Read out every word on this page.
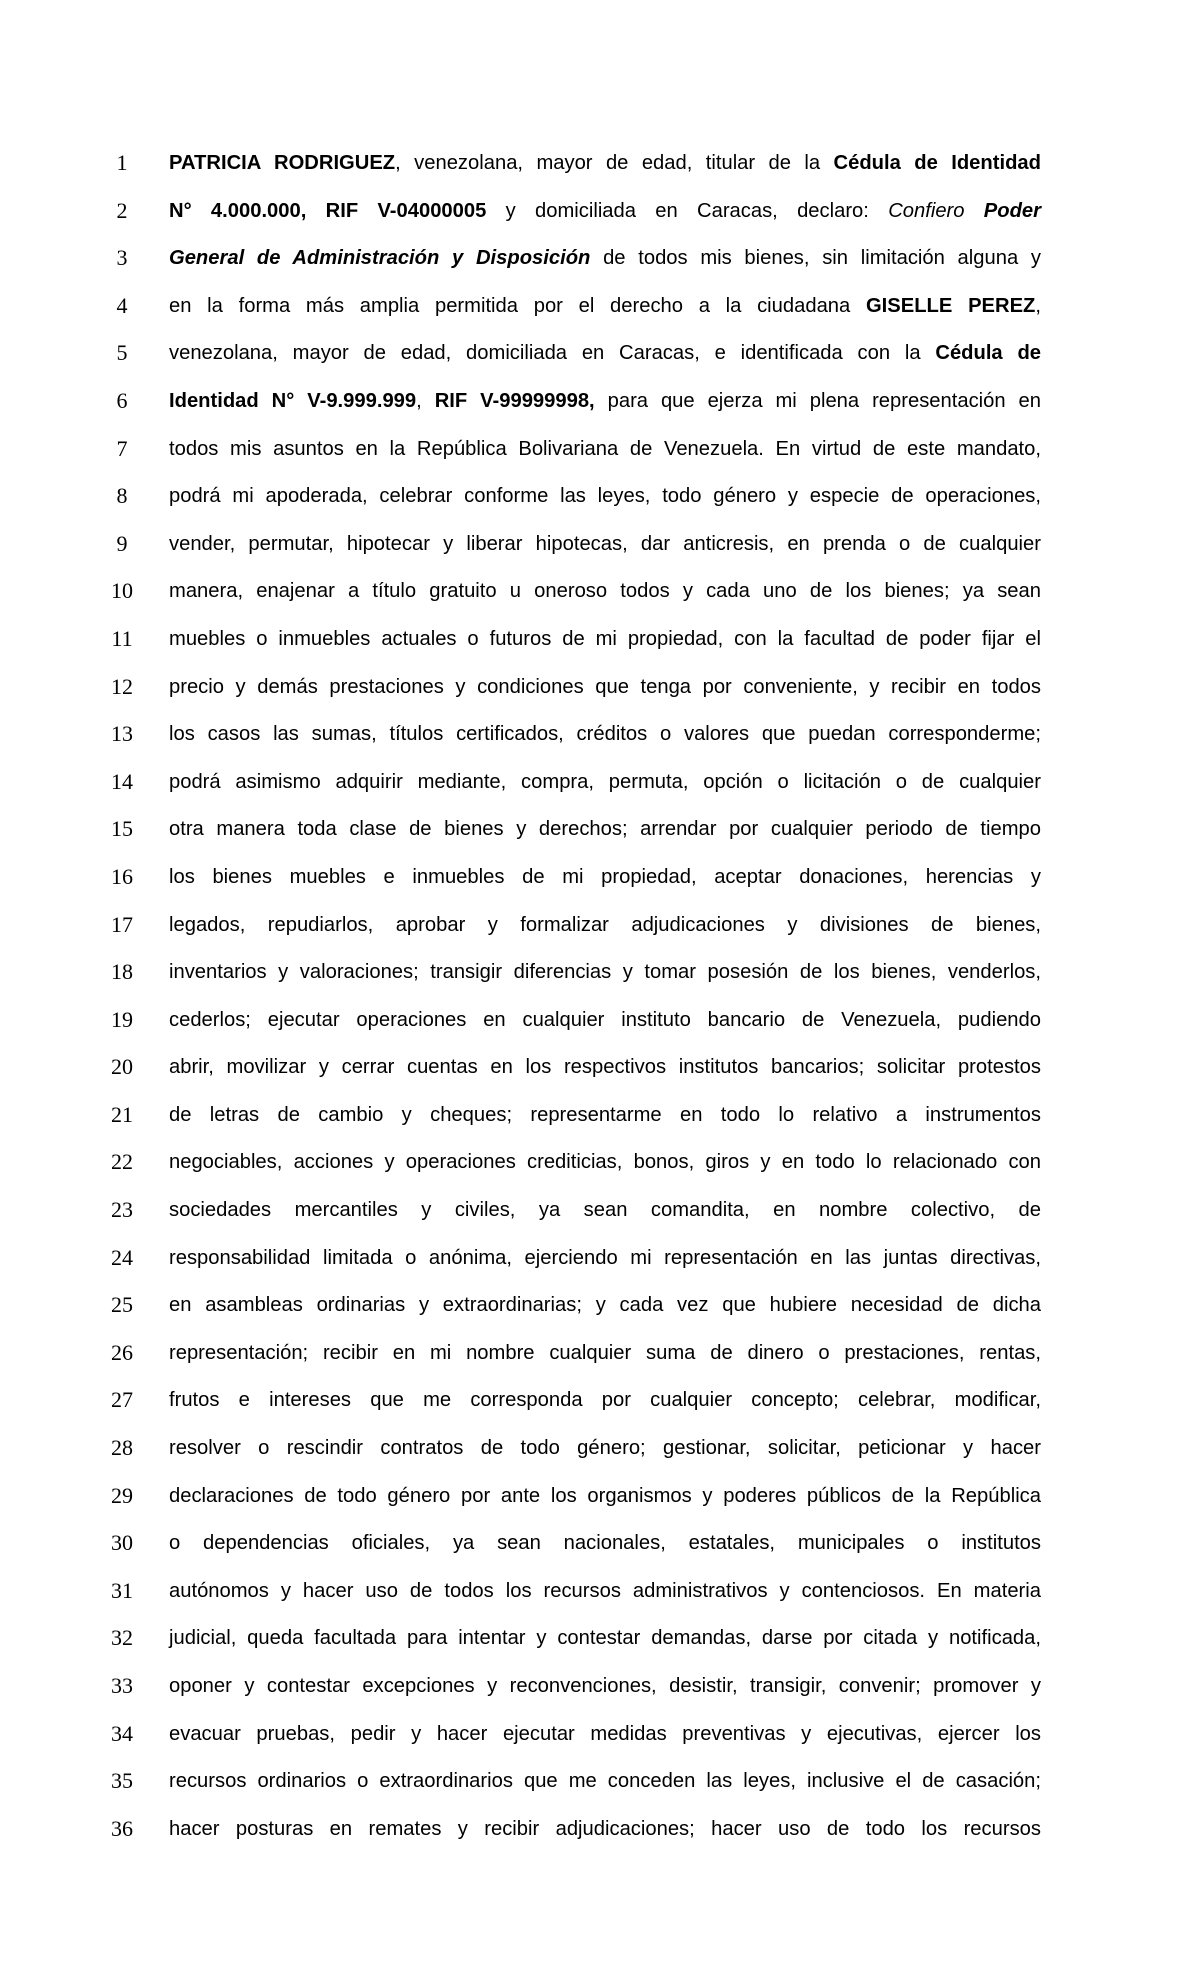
1	PATRICIA RODRIGUEZ, venezolana, mayor de edad, titular de la Cédula de Identidad
2	N° 4.000.000, RIF V-04000005 y domiciliada en Caracas, declaro: Confiero Poder
3	General de Administración y Disposición de todos mis bienes, sin limitación alguna y
4	en la forma más amplia permitida por el derecho a la ciudadana GISELLE PEREZ,
5	venezolana, mayor de edad, domiciliada en Caracas, e identificada con la Cédula de
6	Identidad N° V-9.999.999, RIF V-99999998, para que ejerza mi plena representación en
7	todos mis asuntos en la República Bolivariana de Venezuela. En virtud de este mandato,
8	podrá mi apoderada, celebrar conforme las leyes, todo género y especie de operaciones,
9	vender, permutar, hipotecar y liberar hipotecas, dar anticresis, en prenda o de cualquier
10	manera, enajenar a título gratuito u oneroso todos y cada uno de los bienes; ya sean
11	muebles o inmuebles actuales o futuros de mi propiedad, con la facultad de poder fijar el
12	precio y demás prestaciones y condiciones que tenga por conveniente, y recibir en todos
13	los casos las sumas, títulos certificados, créditos o valores que puedan corresponderme;
14	podrá asimismo adquirir mediante, compra, permuta, opción o licitación o de cualquier
15	otra manera toda clase de bienes y derechos; arrendar por cualquier periodo de tiempo
16	los bienes muebles e inmuebles de mi propiedad, aceptar donaciones, herencias y
17	legados, repudiarlos, aprobar y formalizar adjudicaciones y divisiones de bienes,
18	inventarios y valoraciones; transigir diferencias y tomar posesión de los bienes, venderlos,
19	cederlos; ejecutar operaciones en cualquier instituto bancario de Venezuela, pudiendo
20	abrir, movilizar y cerrar cuentas en los respectivos institutos bancarios; solicitar protestos
21	de letras de cambio y cheques; representarme en todo lo relativo a instrumentos
22	negociables, acciones y operaciones crediticias, bonos, giros y en todo lo relacionado con
23	sociedades mercantiles y civiles, ya sean comandita, en nombre colectivo, de
24	responsabilidad limitada o anónima, ejerciendo mi representación en las juntas directivas,
25	en asambleas ordinarias y extraordinarias; y cada vez que hubiere necesidad de dicha
26	representación; recibir en mi nombre cualquier suma de dinero o prestaciones, rentas,
27	frutos e intereses que me corresponda por cualquier concepto; celebrar, modificar,
28	resolver o rescindir contratos de todo género; gestionar, solicitar, peticionar y hacer
29	declaraciones de todo género por ante los organismos y poderes públicos de la República
30	o dependencias oficiales, ya sean nacionales, estatales, municipales o institutos
31	autónomos y hacer uso de todos los recursos administrativos y contenciosos. En materia
32	judicial, queda facultada para intentar y contestar demandas, darse por citada y notificada,
33	oponer y contestar excepciones y reconvenciones, desistir, transigir, convenir; promover y
34	evacuar pruebas, pedir y hacer ejecutar medidas preventivas y ejecutivas, ejercer los
35	recursos ordinarios o extraordinarios que me conceden las leyes, inclusive el de casación;
36	hacer posturas en remates y recibir adjudicaciones; hacer uso de todo los recursos
